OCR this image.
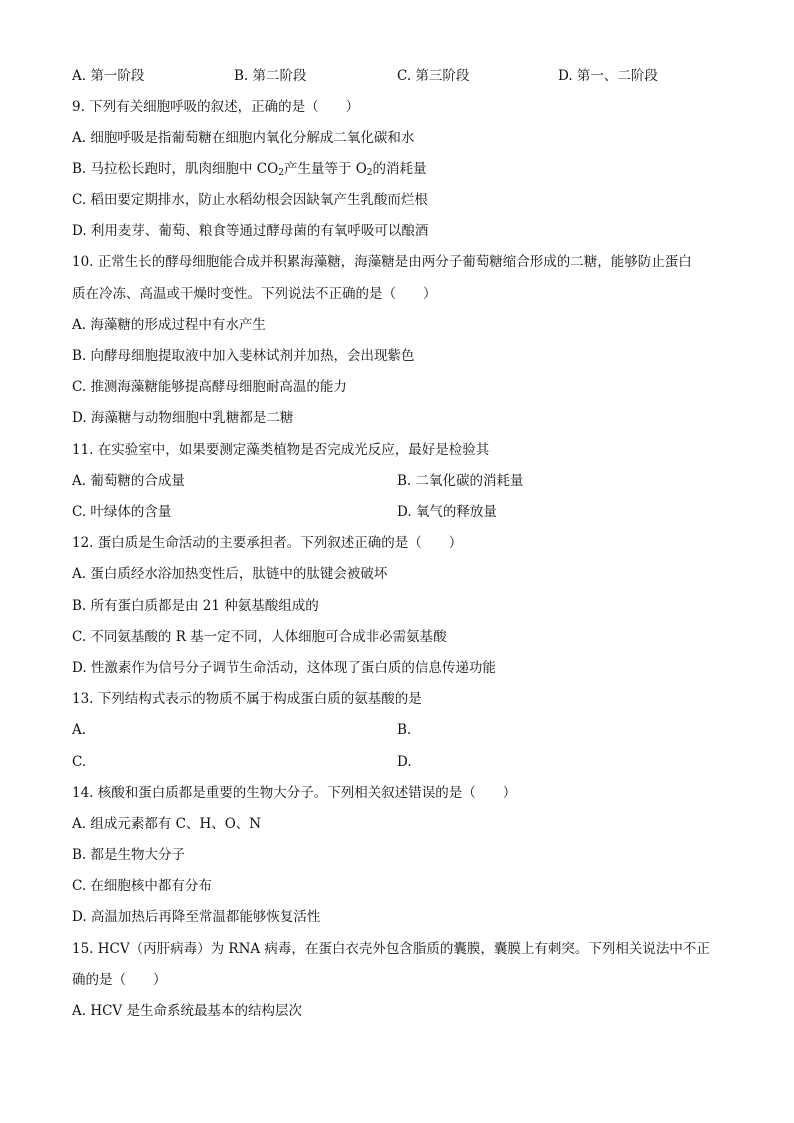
A. 第一阶段	B. 第二阶段	C. 第三阶段	D. 第一、二阶段
9. 下列有关细胞呼吸的叙述，正确的是（　　）
A. 细胞呼吸是指葡萄糖在细胞内氧化分解成二氧化碳和水
B. 马拉松长跑时，肌肉细胞中 $CO_2$产生量等于 $O_2$的消耗量
C. 稻田要定期排水，防止水稻幼根会因缺氧产生乳酸而烂根
D. 利用麦芽、葡萄、粮食等通过酵母菌的有氧呼吸可以酿酒
10. 正常生长的酵母细胞能合成并积累海藻糖，海藻糖是由两分子葡萄糖缩合形成的二糖，能够防止蛋白
质在冷冻、高温或干燥时变性。下列说法不正确的是（　　）
A. 海藻糖的形成过程中有水产生
B. 向酵母细胞提取液中加入斐林试剂并加热，会出现紫色
C. 推测海藻糖能够提高酵母细胞耐高温的能力
D. 海藻糖与动物细胞中乳糖都是二糖
11. 在实验室中，如果要测定藻类植物是否完成光反应，最好是检验其
A. 葡萄糖的合成量	B. 二氧化碳的消耗量
C. 叶绿体的含量	D. 氧气的释放量
12. 蛋白质是生命活动的主要承担者。下列叙述正确的是（　　）
A. 蛋白质经水浴加热变性后，肽链中的肽键会被破坏
B. 所有蛋白质都是由 21 种氨基酸组成的
C. 不同氨基酸的 R 基一定不同，人体细胞可合成非必需氨基酸
D. 性激素作为信号分子调节生命活动，这体现了蛋白质的信息传递功能
13. 下列结构式表示的物质不属于构成蛋白质的氨基酸的是
A.	B.
C.	D.
14. 核酸和蛋白质都是重要的生物大分子。下列相关叙述错误的是（　　）
A. 组成元素都有 C、H、O、N
B. 都是生物大分子
C. 在细胞核中都有分布
D. 高温加热后再降至常温都能够恢复活性
15. HCV（丙肝病毒）为 RNA 病毒，在蛋白衣壳外包含脂质的囊膜，囊膜上有刺突。下列相关说法中不正
确的是（　　）
A. HCV 是生命系统最基本的结构层次
